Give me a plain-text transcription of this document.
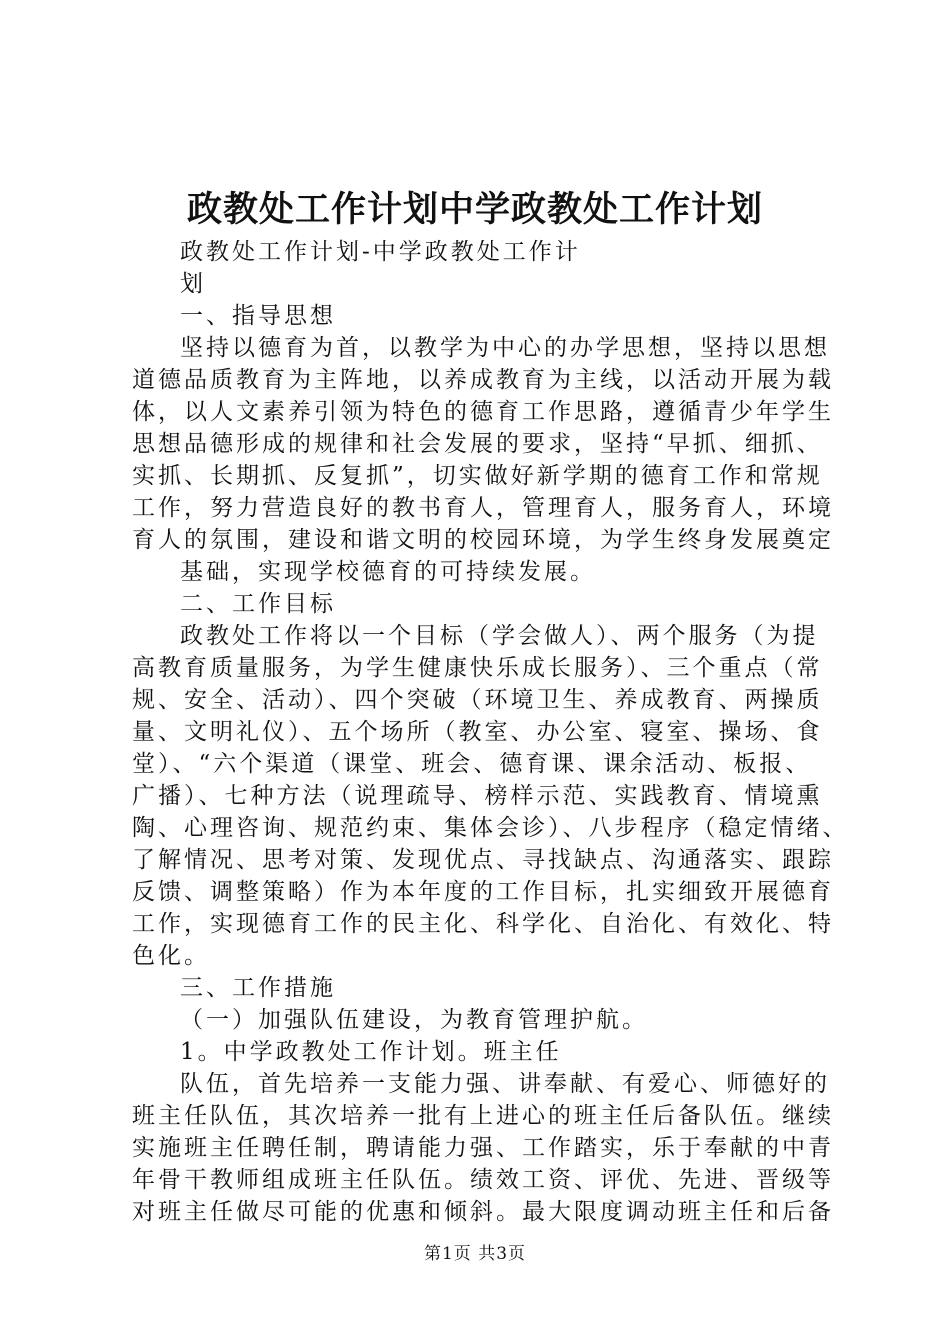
政教处工作计划中学政教处工作计划
政教处工作计划-中学政教处工作计
划
一、指导思想
坚持以德育为首，以教学为中心的办学思想，坚持以思想
道德品质教育为主阵地，以养成教育为主线，以活动开展为载
体，以人文素养引领为特色的德育工作思路，遵循青少年学生
思想品德形成的规律和社会发展的要求，坚持“早抓、细抓、
实抓、长期抓、反复抓”，切实做好新学期的德育工作和常规
工作，努力营造良好的教书育人，管理育人，服务育人，环境
育人的氛围，建设和谐文明的校园环境，为学生终身发展奠定
基础，实现学校德育的可持续发展。
二、工作目标
政教处工作将以一个目标（学会做人）、两个服务（为提
高教育质量服务，为学生健康快乐成长服务）、三个重点（常
规、安全、活动）、四个突破（环境卫生、养成教育、两操质
量、文明礼仪）、五个场所（教室、办公室、寝室、操场、食
堂）、“六个渠道（课堂、班会、德育课、课余活动、板报、
广播）、七种方法（说理疏导、榜样示范、实践教育、情境熏
陶、心理咨询、规范约束、集体会诊）、八步程序（稳定情绪、
了解情况、思考对策、发现优点、寻找缺点、沟通落实、跟踪
反馈、调整策略）作为本年度的工作目标，扎实细致开展德育
工作，实现德育工作的民主化、科学化、自治化、有效化、特
色化。
三、工作措施
（一）加强队伍建设，为教育管理护航。
1。中学政教处工作计划。班主任
队伍，首先培养一支能力强、讲奉献、有爱心、师德好的
班主任队伍，其次培养一批有上进心的班主任后备队伍。继续
实施班主任聘任制，聘请能力强、工作踏实，乐于奉献的中青
年骨干教师组成班主任队伍。绩效工资、评优、先进、晋级等
对班主任做尽可能的优惠和倾斜。最大限度调动班主任和后备
第1页 共3页
